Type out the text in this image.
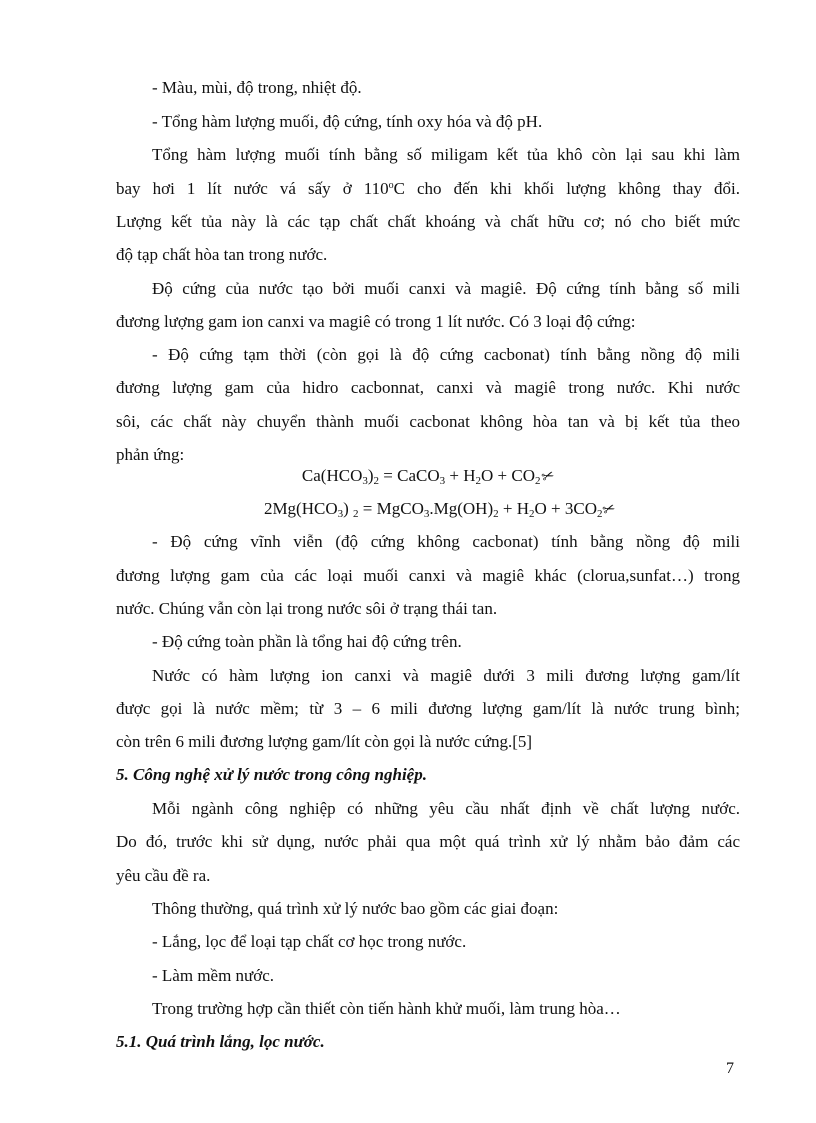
- Màu, mùi, độ trong, nhiệt độ.
- Tổng hàm lượng muối, độ cứng, tính oxy hóa và độ pH.
Tổng hàm lượng muối tính bằng số miligam kết tủa khô còn lại sau khi làm
bay hơi 1 lít nước vá sấy ở 110$^o$C cho đến khi khối lượng không thay đổi.
Lượng kết tủa này là các tạp chất chất khoáng và chất hữu cơ; nó cho biết mức
độ tạp chất hòa tan trong nước.
Độ cứng của nước tạo bởi muối canxi và magiê. Độ cứng tính bằng số mili
đương lượng gam ion canxi va magiê có trong 1 lít nước. Có 3 loại độ cứng:
- Độ cứng tạm thời (còn gọi là độ cứng cacbonat) tính bằng nồng độ mili
đương lượng gam của hidro cacbonnat, canxi và magiê trong nước. Khi nước
sôi, các chất này chuyển thành muối cacbonat không hòa tan và bị kết tủa theo
phản ứng:
$Ca(HCO_3)_2$ = CaCO$_3$ + $H_2O$ + $CO_2✂$
$2Mg(HCO_3) _2$ = $MgCO_3.Mg(OH)_2 + H_2O$ + $3CO_2✂$
- Độ cứng vĩnh viễn (độ cứng không cacbonat) tính bằng nồng độ mili
đương lượng gam của các loại muối canxi và magiê khác (clorua,sunfat…) trong
nước. Chúng vẫn còn lại trong nước sôi ở trạng thái tan.
- Độ cứng toàn phần là tổng hai độ cứng trên.
Nước có hàm lượng ion canxi và magiê dưới 3 mili đương lượng gam/lít
được gọi là nước mềm; từ 3 – 6 mili đương lượng gam/lít là nước trung bình;
còn trên 6 mili đương lượng gam/lít còn gọi là nước cứng.[5]
5. Công nghệ xử lý nước trong công nghiệp.
Mỗi ngành công nghiệp có những yêu cầu nhất định về chất lượng nước.
Do đó, trước khi sử dụng, nước phải qua một quá trình xử lý nhằm bảo đảm các
yêu cầu đề ra.
Thông thường, quá trình xử lý nước bao gồm các giai đoạn:
- Lắng, lọc để loại tạp chất cơ học trong nước.
- Làm mềm nước.
Trong trường hợp cần thiết còn tiến hành khử muối, làm trung hòa…
5.1. Quá trình lắng, lọc nước.
7
